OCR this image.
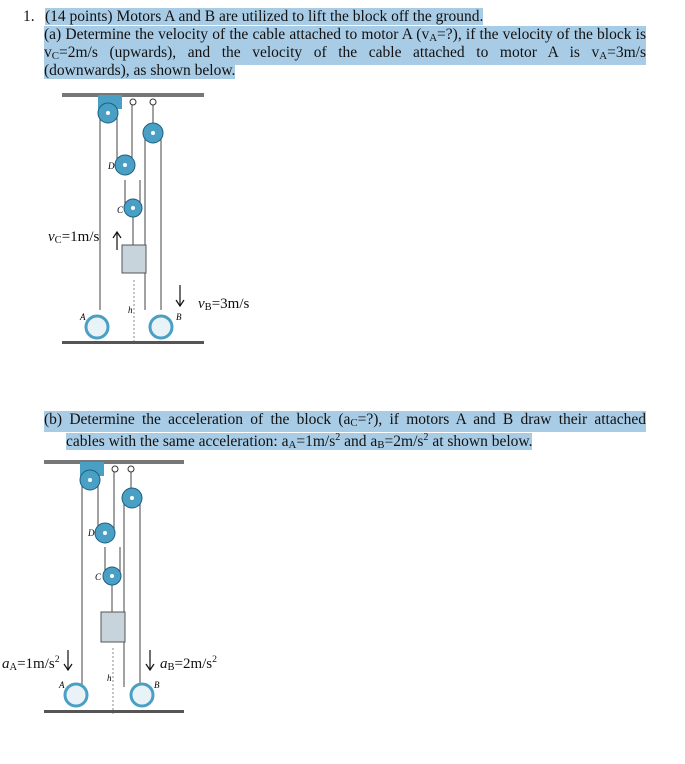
1. (14 points) Motors A and B are utilized to lift the block off the ground.
(a) Determine the velocity of the cable attached to motor A (vA=?), if the velocity of the block is
vC=2m/s (upwards), and the velocity of the cable attached to motor A is vA=3m/s
(downwards), as shown below.
h
A	B
D
C
vC=1m/s
vB=3m/s
(b) Determine the acceleration of the block (aC=?), if motors A and B draw their attached
cables with the same acceleration: $aA=1m/s^2$ and $aB=2m/s^2$ at shown below.
h
A	B
D
C
$aA=1m/s^2$	$aB=2m/s^2$
